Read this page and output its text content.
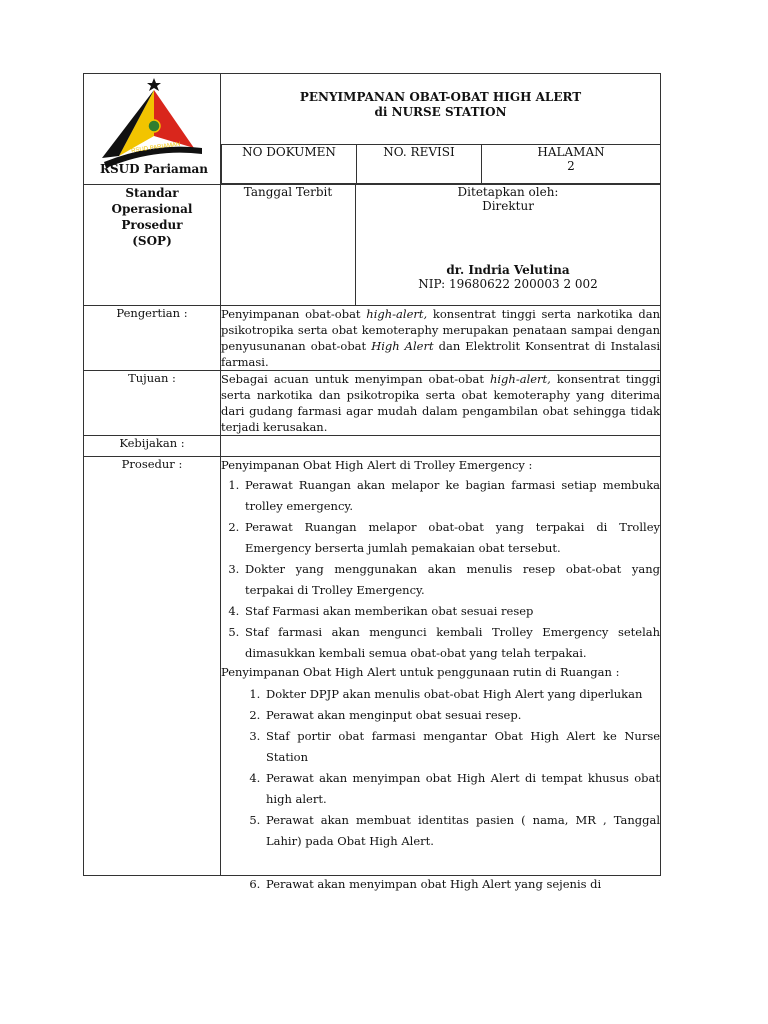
RSUD PARIAMAN
RSUD Pariaman

PENYIMPANAN OBAT-OBAT HIGH ALERT
di NURSE STATION
NO DOKUMEN	NO. REVISI	HALAMAN
2

Standar
Operasional
Prosedur
(SOP)
	Tanggal Terbit	Ditetapkan oleh:
Direktur
dr. Indria Velutina
NIP: 19680622 200003 2 002

Pengertian :	Penyimpanan obat-obat high-alert, konsentrat tinggi serta narkotika dan psikotropika serta obat kemoteraphy merupakan penataan sampai dengan penyusunanan obat-obat High Alert dan Elektrolit Konsentrat di Instalasi farmasi.
Tujuan :	Sebagai acuan untuk menyimpan obat-obat high-alert, konsentrat tinggi serta narkotika dan psikotropika serta obat kemoteraphy yang diterima dari gudang farmasi agar mudah dalam pengambilan obat sehingga tidak terjadi kerusakan.
Kebijakan :	
Prosedur :	Penyimpanan Obat High Alert di Trolley Emergency :
1. Perawat Ruangan akan melapor ke bagian farmasi setiap membuka trolley emergency.
2. Perawat Ruangan melapor obat-obat yang terpakai di Trolley Emergency berserta jumlah pemakaian obat tersebut.
3. Dokter yang menggunakan akan menulis resep obat-obat yang terpakai di Trolley Emergency.
4. Staf Farmasi akan memberikan obat sesuai resep
5. Staf farmasi akan mengunci kembali Trolley Emergency setelah dimasukkan kembali semua obat-obat yang telah terpakai.
Penyimpanan Obat High Alert untuk penggunaan rutin di Ruangan :
1. Dokter DPJP akan menulis obat-obat High Alert yang diperlukan
2. Perawat akan menginput obat sesuai resep.
3. Staf portir obat farmasi mengantar Obat High Alert ke Nurse Station
4. Perawat akan menyimpan obat High Alert di tempat khusus obat high alert.
5. Perawat akan membuat identitas pasien ( nama, MR , Tanggal Lahir) pada Obat High Alert.
6. Perawat akan menyimpan obat High Alert yang sejenis di
